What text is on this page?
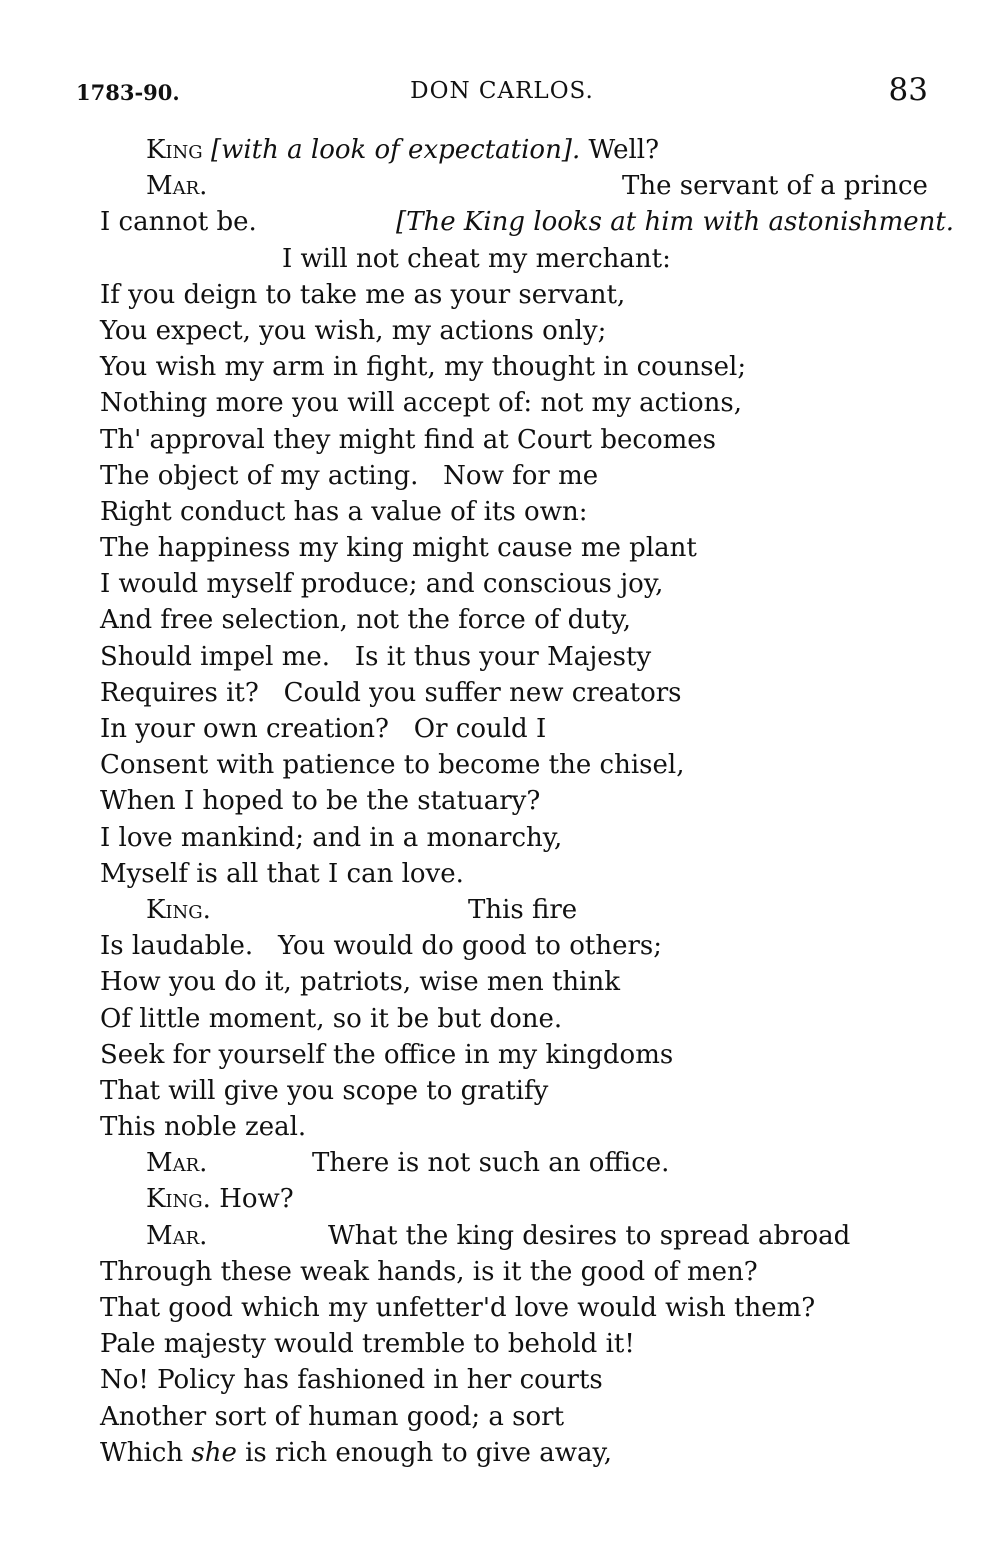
1783-90.	DON CARLOS.	83
King [with a look of expectation]. Well?
Mar.	The servant of a prince
I cannot be.	[The King looks at him with astonishment.
I will not cheat my merchant:
If you deign to take me as your servant,
You expect, you wish, my actions only;
You wish my arm in fight, my thought in counsel;
Nothing more you will accept of: not my actions,
Th' approval they might find at Court becomes
The object of my acting.   Now for me
Right conduct has a value of its own:
The happiness my king might cause me plant
I would myself produce; and conscious joy,
And free selection, not the force of duty,
Should impel me.   Is it thus your Majesty
Requires it?   Could you suffer new creators
In your own creation?   Or could I
Consent with patience to become the chisel,
When I hoped to be the statuary?
I love mankind; and in a monarchy,
Myself is all that I can love.
King.	This fire
Is laudable.   You would do good to others;
How you do it, patriots, wise men think
Of little moment, so it be but done.
Seek for yourself the office in my kingdoms
That will give you scope to gratify
This noble zeal.
Mar.	There is not such an office.
King. How?
Mar.	What the king desires to spread abroad
Through these weak hands, is it the good of men?
That good which my unfetter'd love would wish them?
Pale majesty would tremble to behold it!
No! Policy has fashioned in her courts
Another sort of human good; a sort
Which she is rich enough to give away,
